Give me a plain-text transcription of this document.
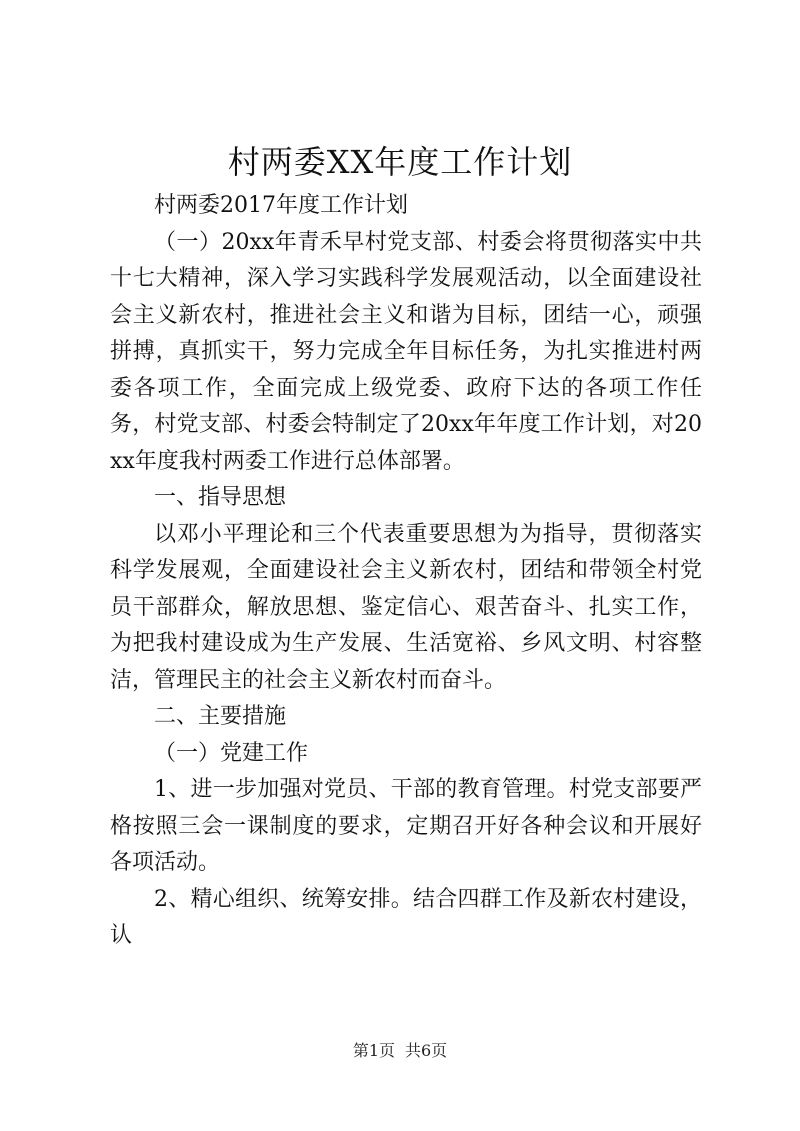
村两委XX年度工作计划

村两委2017年度工作计划

（一）20xx年青禾早村党支部、村委会将贯彻落实中共十七大精神，深入学习实践科学发展观活动，以全面建设社会主义新农村，推进社会主义和谐为目标，团结一心，顽强拼搏，真抓实干，努力完成全年目标任务，为扎实推进村两委各项工作，全面完成上级党委、政府下达的各项工作任务，村党支部、村委会特制定了20xx年年度工作计划，对20xx年度我村两委工作进行总体部署。

一、指导思想

以邓小平理论和三个代表重要思想为为指导，贯彻落实科学发展观，全面建设社会主义新农村，团结和带领全村党员干部群众，解放思想、鉴定信心、艰苦奋斗、扎实工作，为把我村建设成为生产发展、生活宽裕、乡风文明、村容整洁，管理民主的社会主义新农村而奋斗。

二、主要措施

（一）党建工作

1、进一步加强对党员、干部的教育管理。村党支部要严格按照三会一课制度的要求，定期召开好各种会议和开展好各项活动。

2、精心组织、统筹安排。结合四群工作及新农村建设，认

第1页 共6页
